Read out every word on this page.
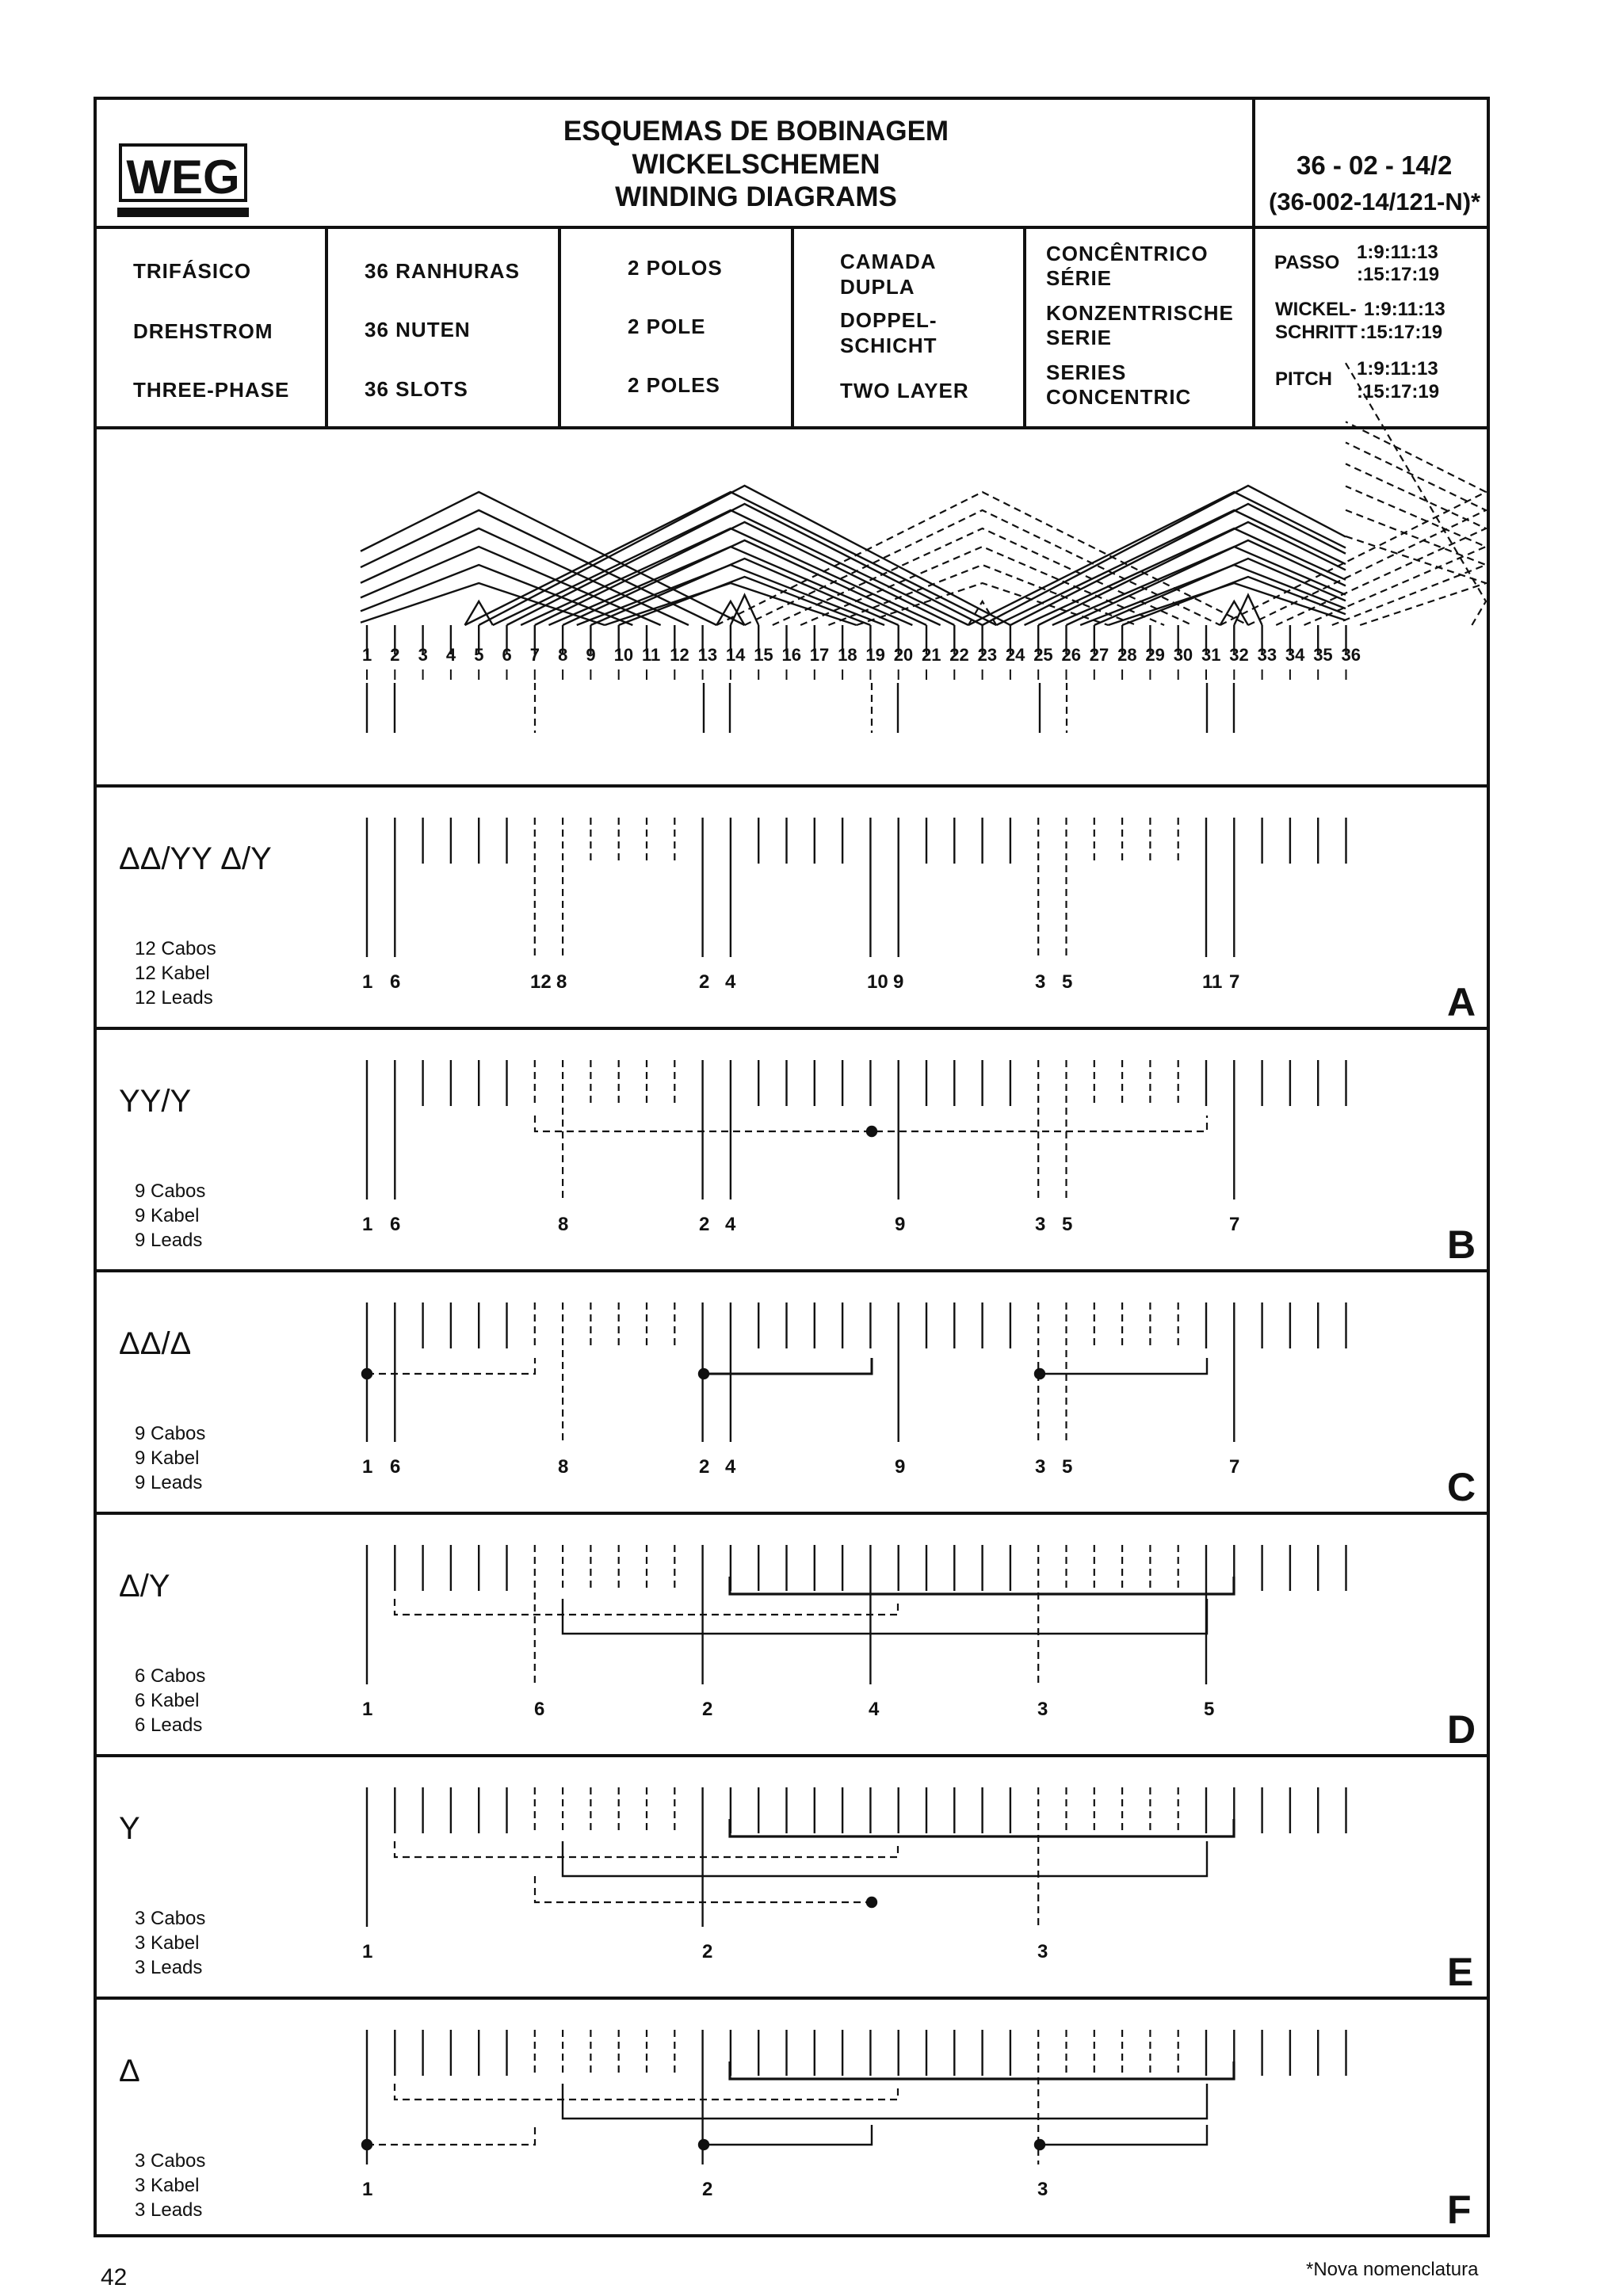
WEG
ESQUEMAS DE BOBINAGEM
WICKELSCHEMEN
WINDING DIAGRAMS
36 - 02 - 14/2
(36-002-14/121-N)*
TRIFÁSICO
DREHSTROM
THREE-PHASE
36 RANHURAS
36 NUTEN
36 SLOTS
2 POLOS
2 POLE
2 POLES
CAMADA
DUPLA
DOPPEL-
SCHICHT
TWO LAYER
CONCÊNTRICO
SÉRIE
KONZENTRISCHE
SERIE
SERIES
CONCENTRIC
PASSO 1:9:11:13
:15:17:19
WICKEL- 1:9:11:13
SCHRITT :15:17:19
PITCH 1:9:11:13
:15:17:19
1 2 3 4 5 6 7 8 9 10 11 12 13 14 15 16 17 18 19 20 21 22 23 24 25 26 27 28 29 30 31 32 33 34 35 36
ΔΔ/YY Δ/Y
12 Cabos
12 Kabel
12 Leads
1 6	12 8	2 4	10 9	3 5	11 7	A
YY/Y
9 Cabos
9 Kabel
9 Leads
1 6	8	2 4	9	3 5	7	B
ΔΔ/Δ
9 Cabos
9 Kabel
9 Leads
1 6	8	2 4	9	3 5	7	C
Δ/Y
6 Cabos
6 Kabel
6 Leads
1	6	2	4	3	5	D
Y
3 Cabos
3 Kabel
3 Leads
1	2	3	E
Δ
3 Cabos
3 Kabel
3 Leads
1	2	3	F
42	*Nova nomenclatura
